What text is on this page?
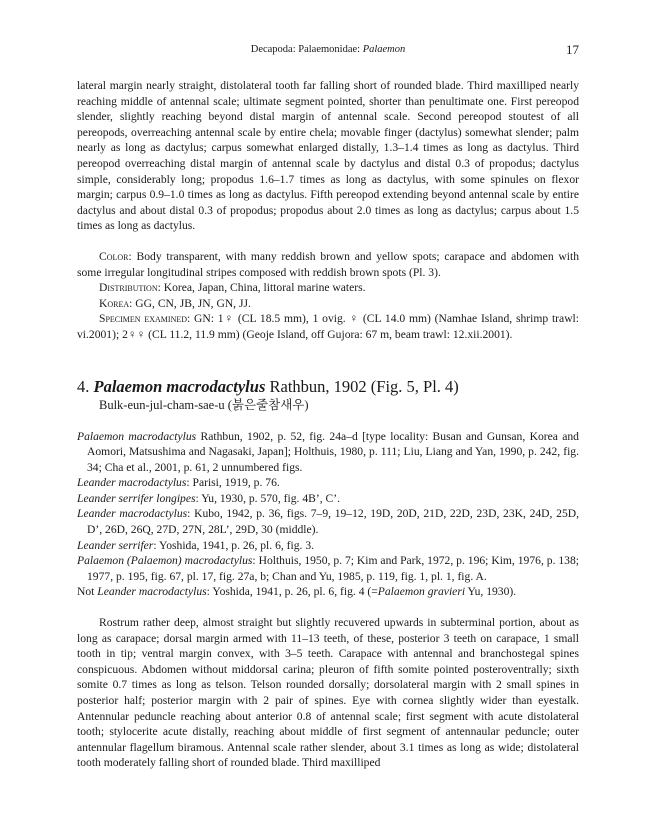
Decapoda: Palaemonidae: Palaemon	17

lateral margin nearly straight, distolateral tooth far falling short of rounded blade. Third maxilliped nearly reaching middle of antennal scale; ultimate segment pointed, shorter than penultimate one. First pereopod slender, slightly reaching beyond distal margin of antennal scale. Second pereopod stoutest of all pereopods, overreaching antennal scale by entire chela; movable finger (dactylus) somewhat slender; palm nearly as long as dactylus; carpus somewhat enlarged distally, 1.3–1.4 times as long as dactylus. Third pereopod overreaching distal margin of antennal scale by dactylus and distal 0.3 of propodus; dactylus simple, considerably long; propodus 1.6–1.7 times as long as dactylus, with some spinules on flexor margin; carpus 0.9–1.0 times as long as dactylus. Fifth pereopod extending beyond antennal scale by entire dactylus and about distal 0.3 of propodus; propodus about 2.0 times as long as dactylus; carpus about 1.5 times as long as dactylus.

Color: Body transparent, with many reddish brown and yellow spots; carapace and abdomen with some irregular longitudinal stripes composed with reddish brown spots (Pl. 3).

Distribution: Korea, Japan, China, littoral marine waters.

Korea: GG, CN, JB, JN, GN, JJ.

Specimen examined: GN: 1♀ (CL 18.5 mm), 1 ovig. ♀ (CL 14.0 mm) (Namhae Island, shrimp trawl: vi.2001); 2♀♀ (CL 11.2, 11.9 mm) (Geoje Island, off Gujora: 67 m, beam trawl: 12.xii.2001).

4. Palaemon macrodactylus Rathbun, 1902 (Fig. 5, Pl. 4)
Bulk-eun-jul-cham-sae-u (붉은줄참새우)

Palaemon macrodactylus Rathbun, 1902, p. 52, fig. 24a–d [type locality: Busan and Gunsan, Korea and Aomori, Matsushima and Nagasaki, Japan]; Holthuis, 1980, p. 111; Liu, Liang and Yan, 1990, p. 242, fig. 34; Cha et al., 2001, p. 61, 2 unnumbered figs.

Leander macrodactylus: Parisi, 1919, p. 76.

Leander serrifer longipes: Yu, 1930, p. 570, fig. 4B’, C’.

Leander macrodactylus: Kubo, 1942, p. 36, figs. 7–9, 19–12, 19D, 20D, 21D, 22D, 23D, 23K, 24D, 25D, D’, 26D, 26Q, 27D, 27N, 28L’, 29D, 30 (middle).

Leander serrifer: Yoshida, 1941, p. 26, pl. 6, fig. 3.

Palaemon (Palaemon) macrodactylus: Holthuis, 1950, p. 7; Kim and Park, 1972, p. 196; Kim, 1976, p. 138; 1977, p. 195, fig. 67, pl. 17, fig. 27a, b; Chan and Yu, 1985, p. 119, fig. 1, pl. 1, fig. A.

Not Leander macrodactylus: Yoshida, 1941, p. 26, pl. 6, fig. 4 (=Palaemon gravieri Yu, 1930).

Rostrum rather deep, almost straight but slightly recuvered upwards in subterminal portion, about as long as carapace; dorsal margin armed with 11–13 teeth, of these, posterior 3 teeth on carapace, 1 small tooth in tip; ventral margin convex, with 3–5 teeth. Carapace with antennal and branchostegal spines conspicuous. Abdomen without middorsal carina; pleuron of fifth somite pointed posteroventrally; sixth somite 0.7 times as long as telson. Telson rounded dorsally; dorsolateral margin with 2 small spines in posterior half; posterior margin with 2 pair of spines. Eye with cornea slightly wider than eyestalk. Antennular peduncle reaching about anterior 0.8 of antennal scale; first segment with acute distolateral tooth; stylocerite acute distally, reaching about middle of first segment of antennaular peduncle; outer antennular flagellum biramous. Antennal scale rather slender, about 3.1 times as long as wide; distolateral tooth moderately falling short of rounded blade. Third maxilliped
